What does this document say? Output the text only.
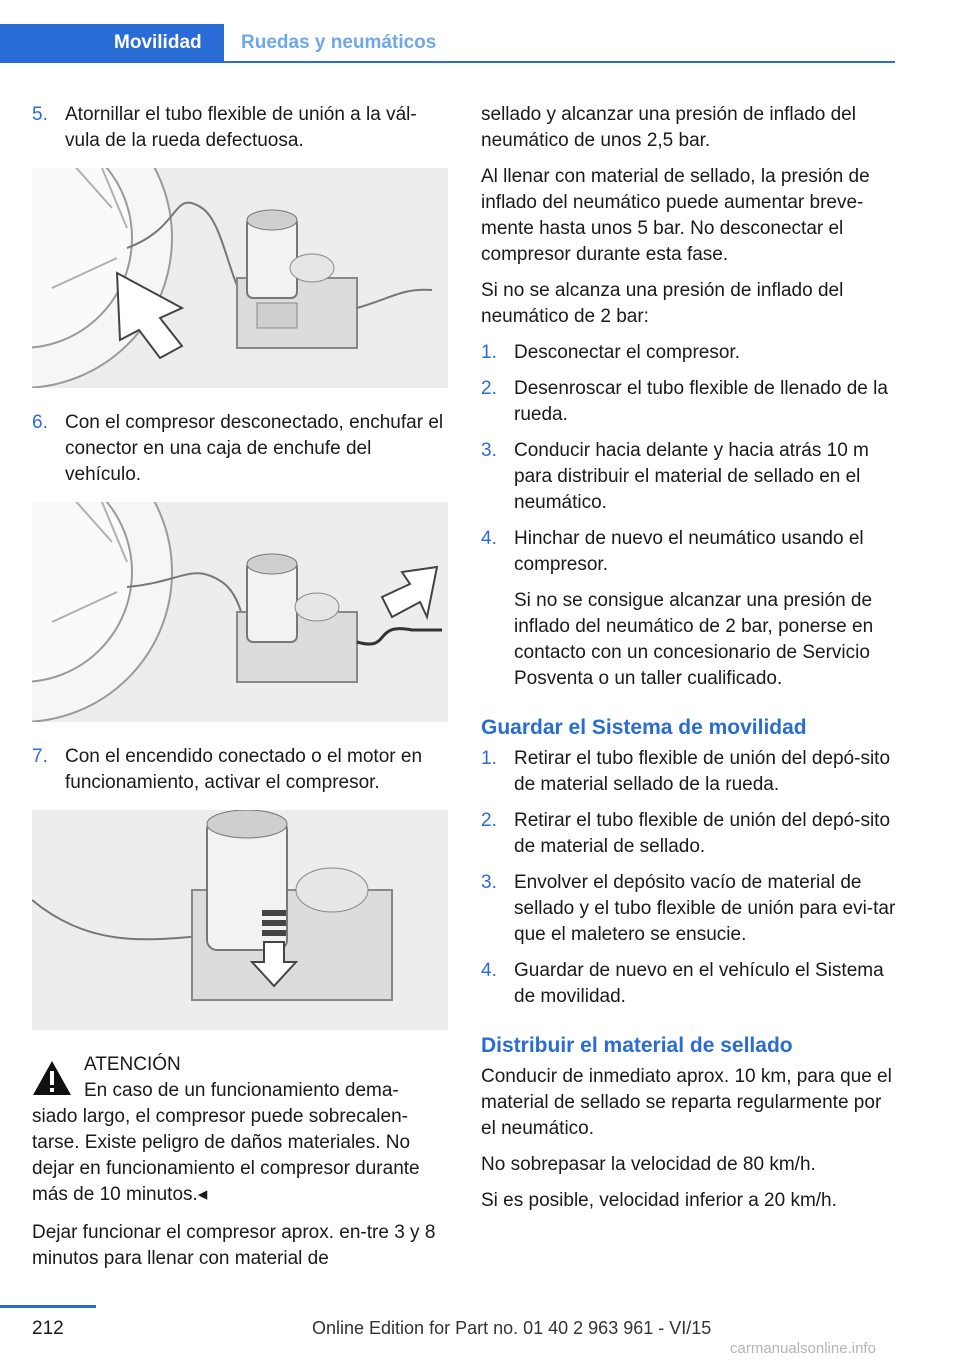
Movilidad	Ruedas y neumáticos
5. Atornillar el tubo flexible de unión a la vál-vula de la rueda defectuosa.
6. Con el compresor desconectado, enchufar el conector en una caja de enchufe del vehículo.
7. Con el encendido conectado o el motor en funcionamiento, activar el compresor.

ATENCIÓN

En caso de un funcionamiento dema-

siado largo, el compresor puede sobrecalen-tarse. Existe peligro de daños materiales. No dejar en funcionamiento el compresor durante más de 10 minutos.◂

Dejar funcionar el compresor aprox. en-tre 3 y 8 minutos para llenar con material de

sellado y alcanzar una presión de inflado del neumático de unos 2,5 bar.

Al llenar con material de sellado, la presión de inflado del neumático puede aumentar breve-mente hasta unos 5 bar. No desconectar el compresor durante esta fase.

Si no se alcanza una presión de inflado del neumático de 2 bar:

1. Desconectar el compresor.
2. Desenroscar el tubo flexible de llenado de la rueda.
3. Conducir hacia delante y hacia atrás 10 m para distribuir el material de sellado en el neumático.
4. Hinchar de nuevo el neumático usando el compresor.

Si no se consigue alcanzar una presión de inflado del neumático de 2 bar, ponerse en contacto con un concesionario de Servicio Posventa o un taller cualificado.

Guardar el Sistema de movilidad
1. Retirar el tubo flexible de unión del depó-sito de material sellado de la rueda.
2. Retirar el tubo flexible de unión del depó-sito de material de sellado.
3. Envolver el depósito vacío de material de sellado y el tubo flexible de unión para evi-tar que el maletero se ensucie.
4. Guardar de nuevo en el vehículo el Sistema de movilidad.
Distribuir el material de sellado

Conducir de inmediato aprox. 10 km, para que el material de sellado se reparta regularmente por el neumático.

No sobrepasar la velocidad de 80 km/h.

Si es posible, velocidad inferior a 20 km/h.

212	Online Edition for Part no. 01 40 2 963 961 - VI/15
carmanualsonline.info
